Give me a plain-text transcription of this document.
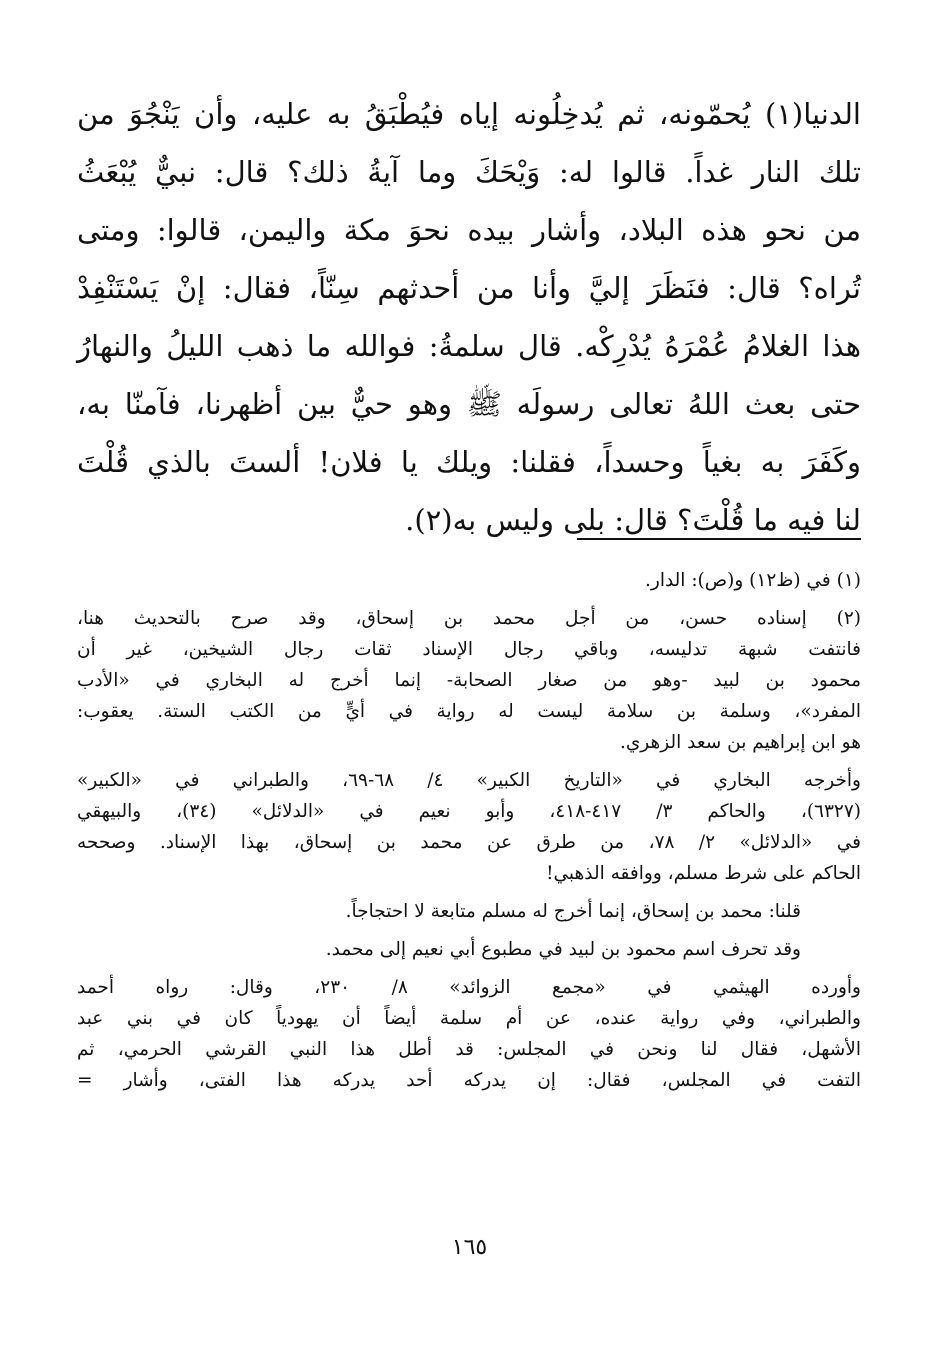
الدنيا(١) يُحمّونه، ثم يُدخِلُونه إياه فيُطْبَقُ به عليه، وأن يَنْجُوَ من
تلك النار غداً. قالوا له: وَيْحَكَ وما آيةُ ذلك؟ قال: نبيٌّ يُبْعَثُ
من نحو هذه البلاد، وأشار بيده نحوَ مكة واليمن، قالوا: ومتى
تُراه؟ قال: فنَظَرَ إليَّ وأنا من أحدثهم سِنّاً، فقال: إنْ يَسْتَنْفِدْ
هذا الغلامُ عُمْرَهُ يُدْرِكْه. قال سلمةُ: فوالله ما ذهب الليلُ والنهارُ
حتى بعث اللهُ تعالى رسولَه ﷺ وهو حيٌّ بين أظهرنا، فآمنّا به،
وكَفَرَ به بغياً وحسداً، فقلنا: ويلك يا فلان! ألستَ بالذي قُلْتَ
لنا فيه ما قُلْتَ؟ قال: بلى وليس به(٢).
(١) في (ظ١٢) و(ص): الدار.
(٢) إسناده حسن، من أجل محمد بن إسحاق، وقد صرح بالتحديث هنا،
فانتفت شبهة تدليسه، وباقي رجال الإسناد ثقات رجال الشيخين، غير أن
محمود بن لبيد -وهو من صغار الصحابة- إنما أخرج له البخاري في «الأدب
المفرد»، وسلمة بن سلامة ليست له رواية في أيٍّ من الكتب الستة. يعقوب:
هو ابن إبراهيم بن سعد الزهري.
وأخرجه البخاري في «التاريخ الكبير» ٤/ ٦٨-٦٩، والطبراني في «الكبير»
(٦٣٢٧)، والحاكم ٣/ ٤١٧-٤١٨، وأبو نعيم في «الدلائل» (٣٤)، والبيهقي
في «الدلائل» ٢/ ٧٨، من طرق عن محمد بن إسحاق، بهذا الإسناد. وصححه
الحاكم على شرط مسلم، ووافقه الذهبي!
قلنا: محمد بن إسحاق، إنما أخرج له مسلم متابعة لا احتجاجاً.
وقد تحرف اسم محمود بن لبيد في مطبوع أبي نعيم إلى محمد.
وأورده الهيثمي في «مجمع الزوائد» ٨/ ٢٣٠، وقال: رواه أحمد
والطبراني، وفي رواية عنده، عن أم سلمة أيضاً أن يهودياً كان في بني عبد
الأشهل، فقال لنا ونحن في المجلس: قد أطل هذا النبي القرشي الحرمي، ثم
التفت في المجلس، فقال: إن يدركه أحد يدركه هذا الفتى، وأشار =
١٦٥
